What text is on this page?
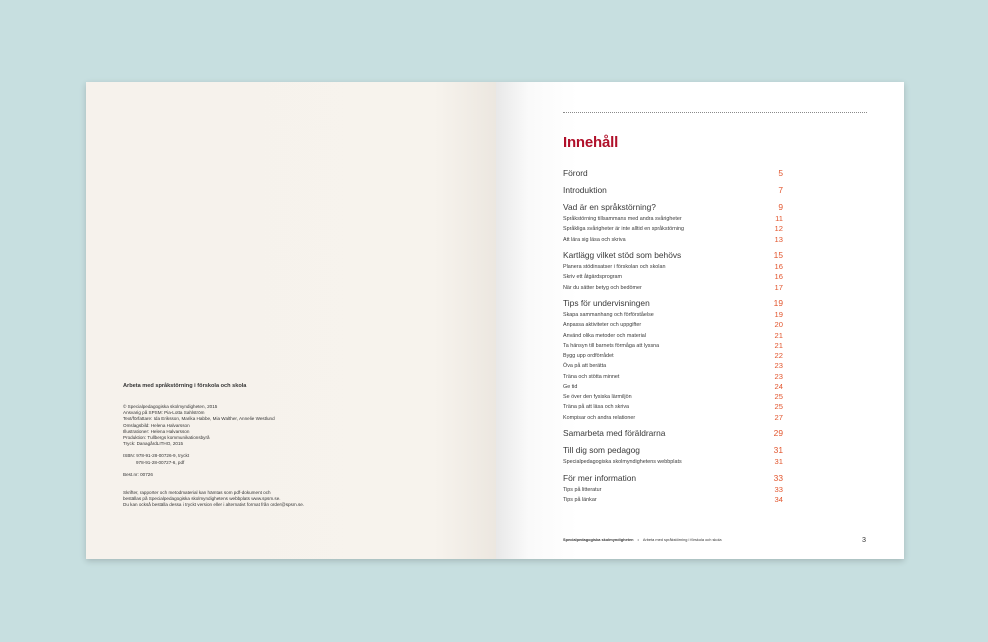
Arbeta med språkstörning i förskola och skola
© Specialpedagogiska skolmyndigheten, 2015
Ansvarig på SPSM: Pia-Lotta Sahlström
Text/författare: Ida Eriksson, Marika Habbe, Mia Walther, Annelie Westlund
Omslagsbild: Helena Halvarsson
Illustrationer: Helena Halvarsson
Produktion: Tullbergs kommunikationsbyrå
Tryck: DanagårdLITHO, 2015
ISBN: 978-91-28-00726-9, tryckt
978-91-28-00727-6, pdf
Best.nr: 00726
Skrifter, rapporter och metodmaterial kan hämtas som pdf-dokument och
beställas på Specialpedagogiska skolmyndighetens webbplats www.spsm.se.
Du kan också beställa dessa i tryckt version eller i alternativt format från order@spsm.se.
Innehåll
Förord	5
Introduktion	7
Vad är en språkstörning?	9
Språkstörning tillsammans med andra svårigheter	11
Språkliga svårigheter är inte alltid en språkstörning	12
Att lära sig läsa och skriva	13
Kartlägg vilket stöd som behövs	15
Planera stödinsatser i förskolan och skolan	16
Skriv ett åtgärdsprogram	16
När du sätter betyg och bedömer	17
Tips för undervisningen	19
Skapa sammanhang och förförståelse	19
Anpassa aktiviteter och uppgifter	20
Använd olika metoder och material	21
Ta hänsyn till barnets förmåga att lyssna	21
Bygg upp ordförrådet	22
Öva på att berätta	23
Träna och stötta minnet	23
Ge tid	24
Se över den fysiska lärmiljön	25
Träna på att läsa och skriva	25
Kompisar och andra relationer	27
Samarbeta med föräldrarna	29
Till dig som pedagog	31
Specialpedagogiska skolmyndighetens webbplats	31
För mer information	33
Tips på litteratur	33
Tips på länkar	34
Specialpedagogiska skolmyndigheten • Arbeta med språkstörning i förskola och skola	3
